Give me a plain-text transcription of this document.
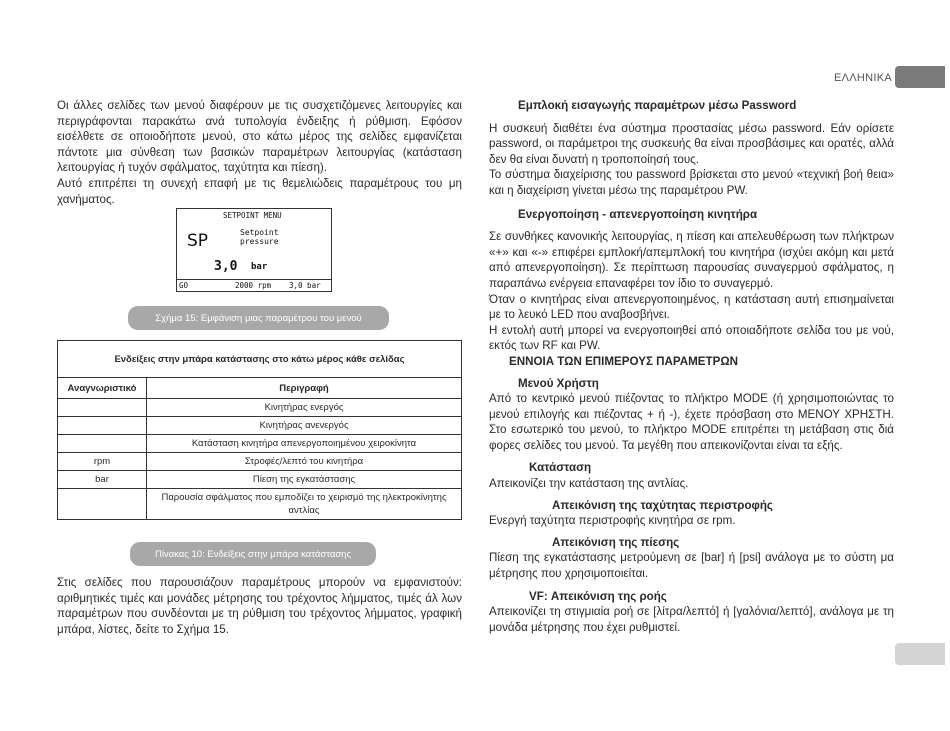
ΕΛΛΗΝΙΚΑ

Οι άλλες σελίδες των μενού διαφέρουν με τις συσχετιζόμενες λειτουργίες και περιγράφονται παρακάτω ανά τυπολογία ένδειξης ή ρύθμιση. Εφόσον εισέλθετε σε οποιοδήποτε μενού, στο κάτω μέρος της σελίδες εμφανίζεται πάντοτε μια σύνθεση των βασικών παραμέτρων λειτουργίας (κατάσταση λειτουργίας ή τυχόν σφάλματος, ταχύτητα και πίεση).

Αυτό επιτρέπει τη συνεχή επαφή με τις θεμελιώδεις παραμέτρους του μη χανήματος.

SETPOINT MENU
SP	Setpoint
pressure
3,0 bar
GO	2000 rpm 3,0 bar
Σχήμα 15: Εμφάνιση μιας παραμέτρου του μενού
Ενδείξεις στην μπάρα κατάστασης στο κάτω μέρος κάθε σελίδας	
Αναγνωριστικό	Περιγραφή
	Κινητήρας ενεργός
	Κινητήρας ανενεργός
	Κατάσταση κινητήρα απενεργοποιημένου χειροκίνητα
rpm	Στροφές/λεπτό του κινητήρα
bar	Πίεση της εγκατάστασης
	Παρουσία σφάλματος που εμποδίζει το χειρισμό της ηλεκτροκίνητης αντλίας
Πίνακας 10: Ενδείξεις στην μπάρα κατάστασης

Στις σελίδες που παρουσιάζουν παραμέτρους μπορούν να εμφανιστούν: αριθμητικές τιμές και μονάδες μέτρησης του τρέχοντος λήμματος, τιμές άλ λων παραμέτρων που συνδέονται με τη ρύθμιση του τρέχοντος λήμματος, γραφική μπάρα, λίστες, δείτε το Σχήμα 15.

Εμπλοκή εισαγωγής παραμέτρων μέσω Password

Η συσκευή διαθέτει ένα σύστημα προστασίας μέσω password. Εάν ορίσετε password, οι παράμετροι της συσκευής θα είναι προσβάσιμες και ορατές, αλλά δεν θα είναι δυνατή η τροποποίησή τους.

Το σύστημα διαχείρισης του password βρίσκεται στο μενού «τεχνική βοή θεια» και η διαχείριση γίνεται μέσω της παραμέτρου PW.

Ενεργοποίηση - απενεργοποίηση κινητήρα

Σε συνθήκες κανονικής λειτουργίας, η πίεση και απελευθέρωση των πλήκτρων «+» και «-» επιφέρει εμπλοκή/απεμπλοκή του κινητήρα (ισχύει ακόμη και μετά από απενεργοποίηση). Σε περίπτωση παρουσίας συναγερμού σφάλματος, η παραπάνω ενέργεια επαναφέρει τον ίδιο το συναγερμό.

Όταν ο κινητήρας είναι απενεργοποιημένος, η κατάσταση αυτή επισημαίνεται με το λευκό LED που αναβοσβήνει.

Η εντολή αυτή μπορεί να ενεργοποιηθεί από οποιαδήποτε σελίδα του με νού, εκτός των RF και PW.

ΕΝΝΟΙΑ ΤΩΝ ΕΠΙΜΕΡΟΥΣ ΠΑΡΑΜΕΤΡΩΝ

Μενού Χρήστη

Από το κεντρικό μενού πιέζοντας το πλήκτρο MODE (ή χρησιμοποιώντας το μενού επιλογής και πιέζοντας + ή -), έχετε πρόσβαση στο ΜΕΝΟΥ ΧΡΗΣΤΗ. Στο εσωτερικό του μενού, το πλήκτρο MODE επιτρέπει τη μετάβαση στις διά φορες σελίδες του μενού. Τα μεγέθη που απεικονίζονται είναι τα εξής.

Κατάσταση

Απεικονίζει την κατάσταση της αντλίας.

Απεικόνιση της ταχύτητας περιστροφής

Ενεργή ταχύτητα περιστροφής κινητήρα σε rpm.

Απεικόνιση της πίεσης

Πίεση της εγκατάστασης μετρούμενη σε [bar] ή [psi] ανάλογα με το σύστη μα μέτρησης που χρησιμοποιείται.

VF: Απεικόνιση της ροής

Απεικονίζει τη στιγμιαία ροή σε [λίτρα/λεπτό] ή [γαλόνια/λεπτό], ανάλογα με τη μονάδα μέτρησης που έχει ρυθμιστεί.
